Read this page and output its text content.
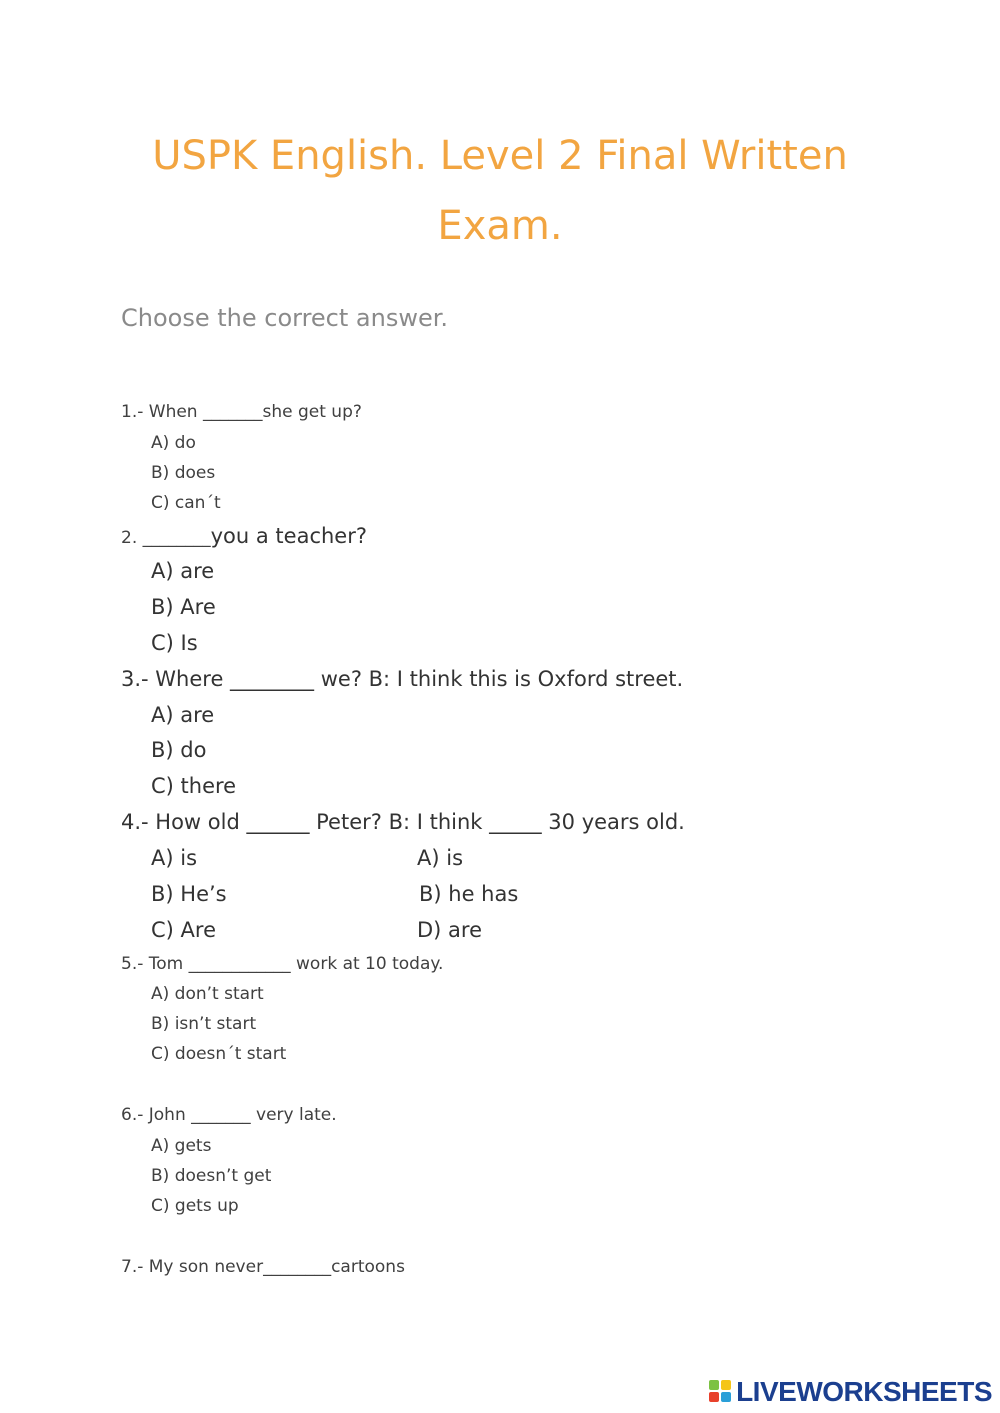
USPK English. Level 2 Final Written
Exam.
Choose the correct answer.
1.- When _______she get up?
A) do
B) does
C) can´t
2. ________you a teacher?
A) are
B) Are
C) Is
3.- Where ________ we? B: I think this is Oxford street.
A) are
B) do
C) there
4.- How old ______ Peter? B: I think _____ 30 years old.
A) is
B) He’s
C) Are
A) is
B) he has
D) are
5.- Tom ____________ work at 10 today.
A) don’t start
B) isn’t start
C) doesn´t start
6.- John _______ very late.
A) gets
B) doesn’t get
C) gets up
7.- My son never________cartoons
LIVEWORKSHEETS
